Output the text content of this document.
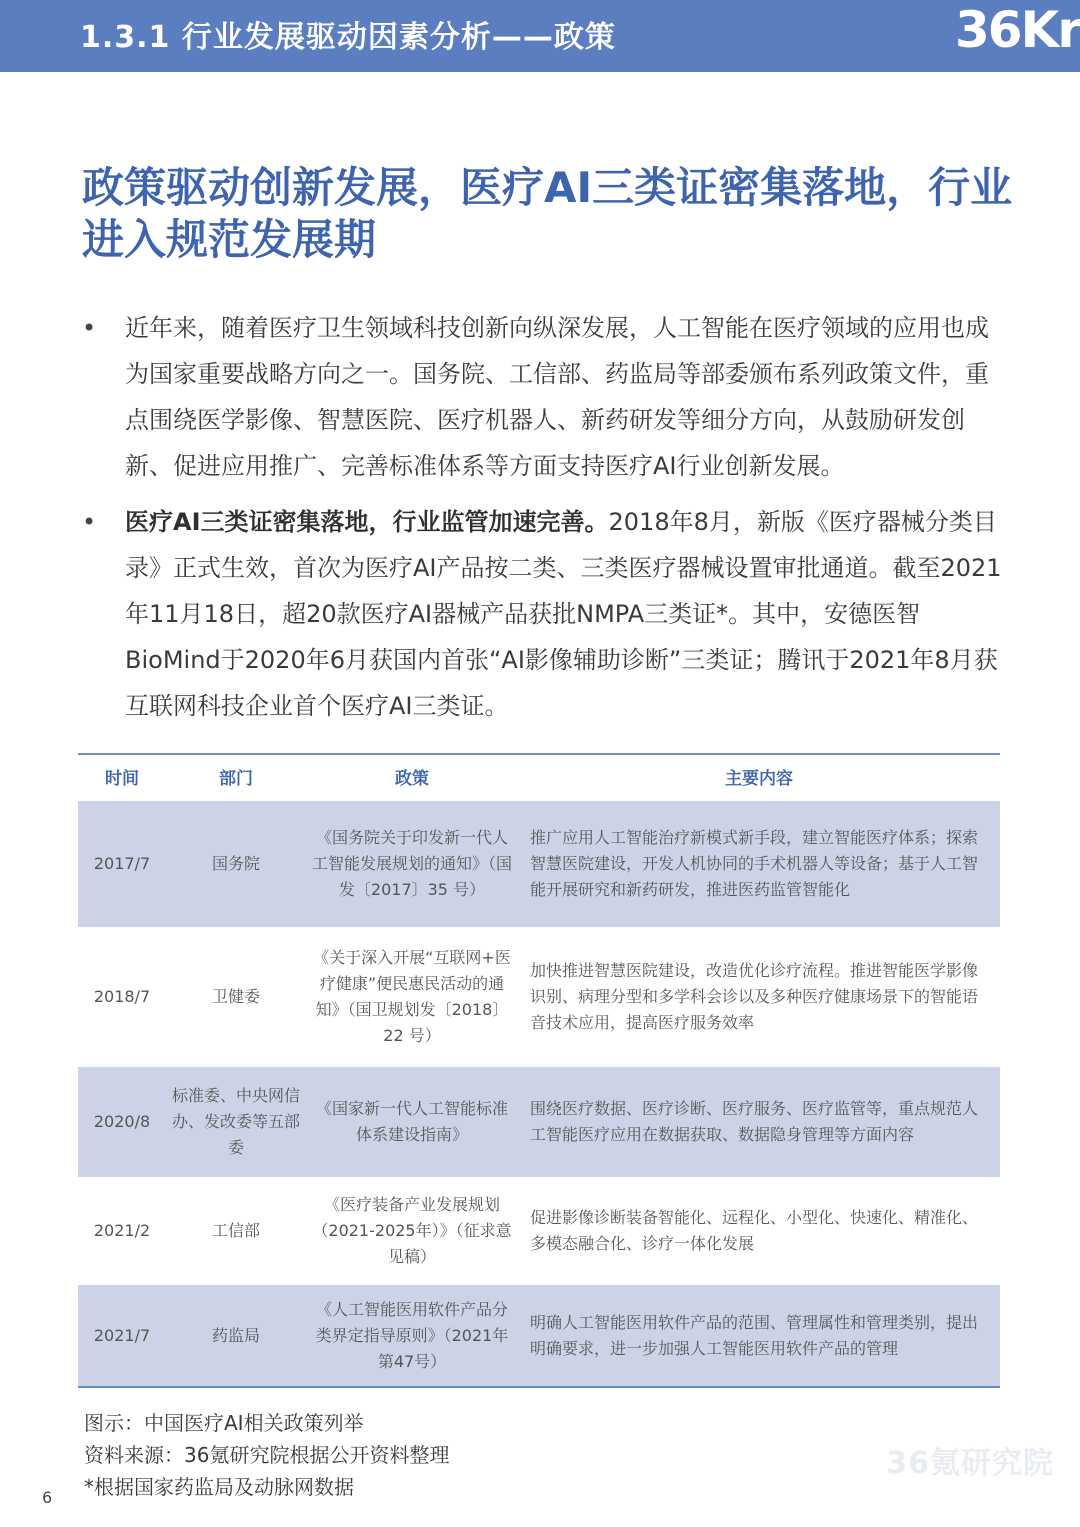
1.3.1 行业发展驱动因素分析——政策	36Kr
政策驱动创新发展，医疗AI三类证密集落地，行业进入规范发展期
• 近年来，随着医疗卫生领域科技创新向纵深发展，人工智能在医疗领域的应用也成为国家重要战略方向之一。国务院、工信部、药监局等部委颁布系列政策文件，重点围绕医学影像、智慧医院、医疗机器人、新药研发等细分方向，从鼓励研发创新、促进应用推广、完善标准体系等方面支持医疗AI行业创新发展。
• 医疗AI三类证密集落地，行业监管加速完善。2018年8月，新版《医疗器械分类目录》正式生效，首次为医疗AI产品按二类、三类医疗器械设置审批通道。截至2021年11月18日，超20款医疗AI器械产品获批NMPA三类证*。其中，安德医智BioMind于2020年6月获国内首张“AI影像辅助诊断”三类证；腾讯于2021年8月获互联网科技企业首个医疗AI三类证。
时间	部门	政策	主要内容
2017/7	国务院	《国务院关于印发新一代人工智能发展规划的通知》（国发〔2017〕35 号）	推广应用人工智能治疗新模式新手段，建立智能医疗体系；探索智慧医院建设，开发人机协同的手术机器人等设备；基于人工智能开展研究和新药研发，推进医药监管智能化
2018/7	卫健委	《关于深入开展“互联网+医疗健康”便民惠民活动的通知》（国卫规划发〔2018〕22 号）	加快推进智慧医院建设，改造优化诊疗流程。推进智能医学影像识别、病理分型和多学科会诊以及多种医疗健康场景下的智能语音技术应用，提高医疗服务效率
2020/8	标准委、中央网信办、发改委等五部委	《国家新一代人工智能标准体系建设指南》	围绕医疗数据、医疗诊断、医疗服务、医疗监管等，重点规范人工智能医疗应用在数据获取、数据隐身管理等方面内容
2021/2	工信部	《医疗装备产业发展规划（2021-2025年）》（征求意见稿）	促进影像诊断装备智能化、远程化、小型化、快速化、精准化、多模态融合化、诊疗一体化发展
2021/7	药监局	《人工智能医用软件产品分类界定指导原则》（2021年第47号）	明确人工智能医用软件产品的范围、管理属性和管理类别，提出明确要求，进一步加强人工智能医用软件产品的管理
图示：中国医疗AI相关政策列举
资料来源：36氪研究院根据公开资料整理
*根据国家药监局及动脉网数据
36氪研究院
6
